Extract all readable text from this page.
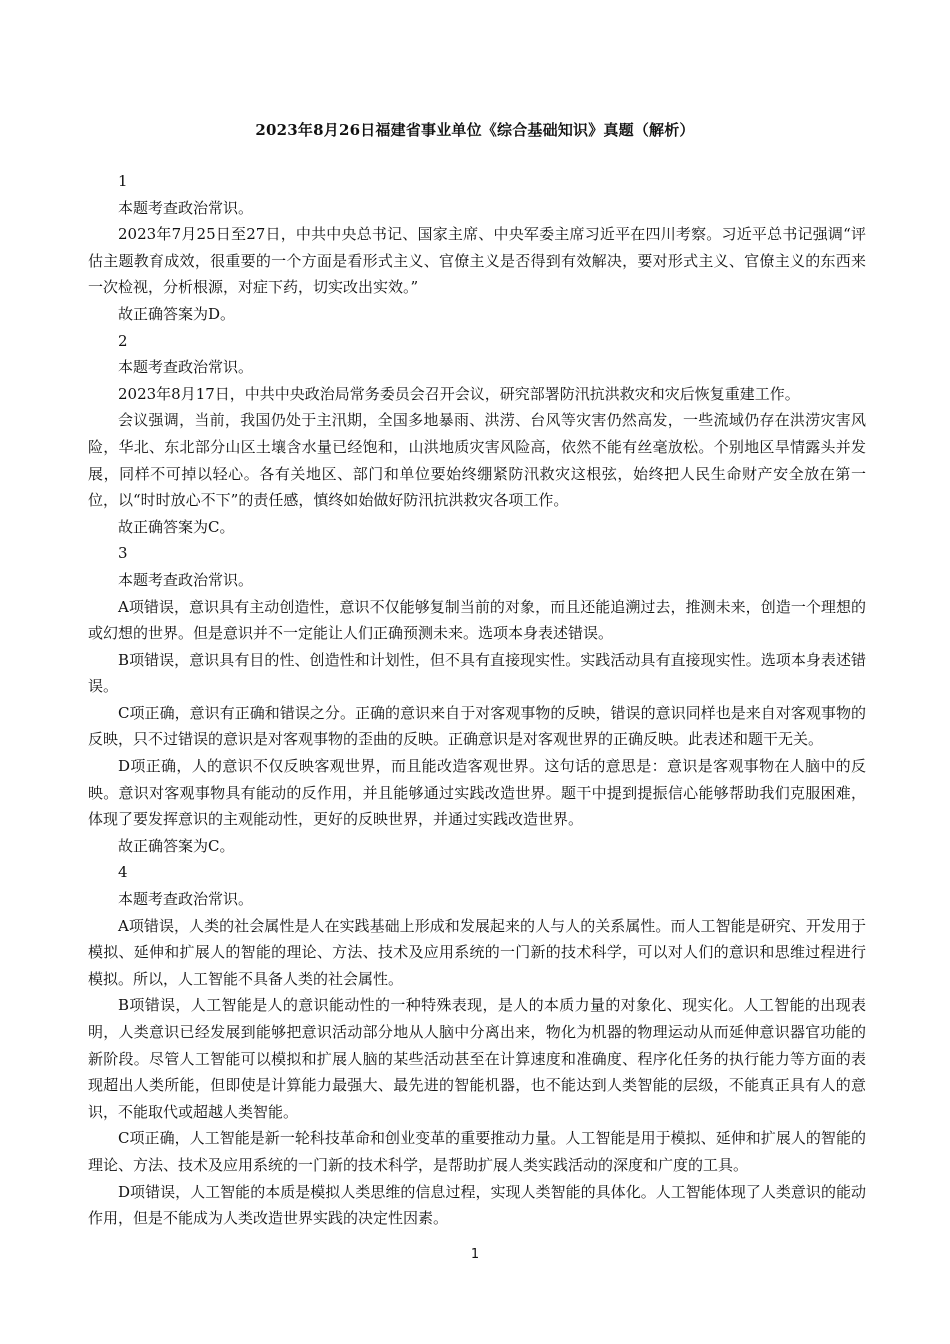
2023年8月26日福建省事业单位《综合基础知识》真题（解析）

1

本题考查政治常识。

2023年7月25日至27日，中共中央总书记、国家主席、中央军委主席习近平在四川考察。习近平总书记强调“评估主题教育成效，很重要的一个方面是看形式主义、官僚主义是否得到有效解决，要对形式主义、官僚主义的东西来一次检视，分析根源，对症下药，切实改出实效。”

故正确答案为D。

2

本题考查政治常识。

2023年8月17日，中共中央政治局常务委员会召开会议，研究部署防汛抗洪救灾和灾后恢复重建工作。

会议强调，当前，我国仍处于主汛期，全国多地暴雨、洪涝、台风等灾害仍然高发，一些流域仍存在洪涝灾害风险，华北、东北部分山区土壤含水量已经饱和，山洪地质灾害风险高，依然不能有丝毫放松。个别地区旱情露头并发展，同样不可掉以轻心。各有关地区、部门和单位要始终绷紧防汛救灾这根弦，始终把人民生命财产安全放在第一位，以“时时放心不下”的责任感，慎终如始做好防汛抗洪救灾各项工作。

故正确答案为C。

3

本题考查政治常识。

A项错误，意识具有主动创造性，意识不仅能够复制当前的对象，而且还能追溯过去，推测未来，创造一个理想的或幻想的世界。但是意识并不一定能让人们正确预测未来。选项本身表述错误。

B项错误，意识具有目的性、创造性和计划性，但不具有直接现实性。实践活动具有直接现实性。选项本身表述错误。

C项正确，意识有正确和错误之分。正确的意识来自于对客观事物的反映，错误的意识同样也是来自对客观事物的反映，只不过错误的意识是对客观事物的歪曲的反映。正确意识是对客观世界的正确反映。此表述和题干无关。

D项正确，人的意识不仅反映客观世界，而且能改造客观世界。这句话的意思是：意识是客观事物在人脑中的反映。意识对客观事物具有能动的反作用，并且能够通过实践改造世界。题干中提到提振信心能够帮助我们克服困难，体现了要发挥意识的主观能动性，更好的反映世界，并通过实践改造世界。

故正确答案为C。

4

本题考查政治常识。

A项错误，人类的社会属性是人在实践基础上形成和发展起来的人与人的关系属性。而人工智能是研究、开发用于模拟、延伸和扩展人的智能的理论、方法、技术及应用系统的一门新的技术科学，可以对人们的意识和思维过程进行模拟。所以，人工智能不具备人类的社会属性。

B项错误，人工智能是人的意识能动性的一种特殊表现，是人的本质力量的对象化、现实化。人工智能的出现表明，人类意识已经发展到能够把意识活动部分地从人脑中分离出来，物化为机器的物理运动从而延伸意识器官功能的新阶段。尽管人工智能可以模拟和扩展人脑的某些活动甚至在计算速度和准确度、程序化任务的执行能力等方面的表现超出人类所能，但即使是计算能力最强大、最先进的智能机器，也不能达到人类智能的层级，不能真正具有人的意识，不能取代或超越人类智能。

C项正确，人工智能是新一轮科技革命和创业变革的重要推动力量。人工智能是用于模拟、延伸和扩展人的智能的理论、方法、技术及应用系统的一门新的技术科学，是帮助扩展人类实践活动的深度和广度的工具。

D项错误，人工智能的本质是模拟人类思维的信息过程，实现人类智能的具体化。人工智能体现了人类意识的能动作用，但是不能成为人类改造世界实践的决定性因素。

1
